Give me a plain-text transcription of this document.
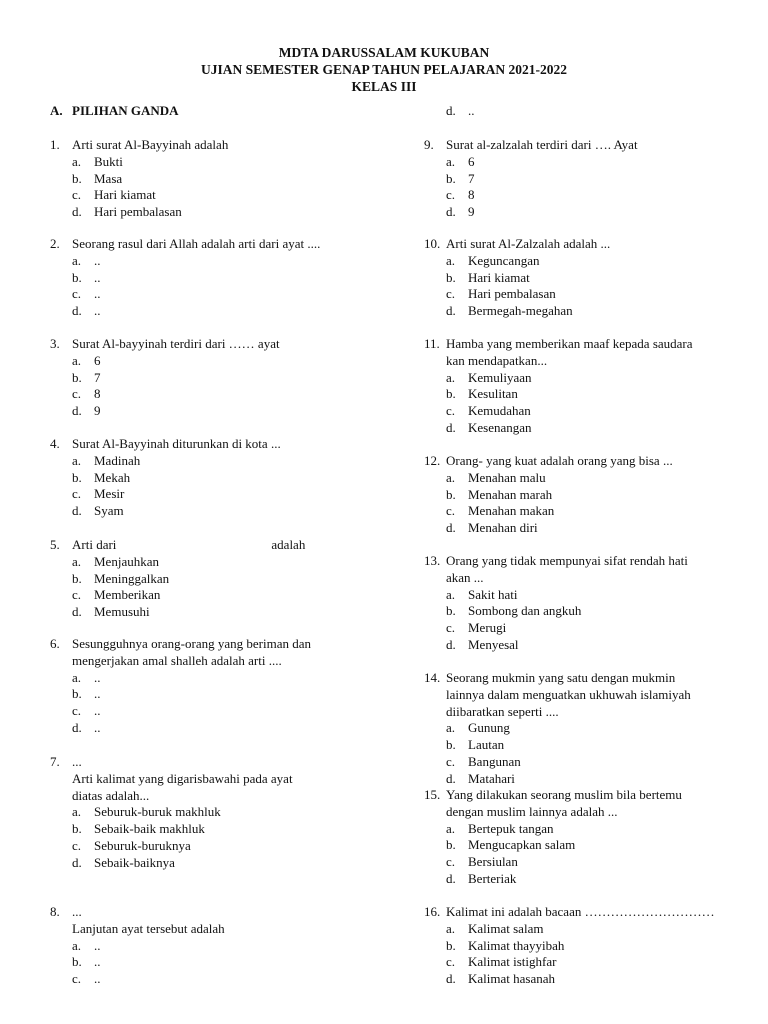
MDTA DARUSSALAM KUKUBAN
UJIAN SEMESTER GENAP TAHUN PELAJARAN 2021-2022
KELAS III
A. PILIHAN GANDA
1. Arti surat Al-Bayyinah adalah
a. Bukti
b. Masa
c. Hari kiamat
d. Hari pembalasan
2. Seorang rasul dari Allah adalah arti dari ayat ....
a. ..
b. ..
c. ..
d. ..
3. Surat Al-bayyinah terdiri dari …… ayat
a. 6
b. 7
c. 8
d. 9
4. Surat Al-Bayyinah diturunkan di kota ...
a. Madinah
b. Mekah
c. Mesir
d. Syam
5. Arti dari	adalah
a. Menjauhkan
b. Meninggalkan
c. Memberikan
d. Memusuhi
6. Sesungguhnya orang-orang yang beriman dan
mengerjakan amal shalleh adalah arti ....
a. ..
b. ..
c. ..
d. ..
7. ...
Arti kalimat yang digarisbawahi pada ayat
diatas adalah...
a. Seburuk-buruk makhluk
b. Sebaik-baik makhluk
c. Seburuk-buruknya
d. Sebaik-baiknya
8. ...
Lanjutan ayat tersebut adalah
a. ..
b. ..
c. ..
d. ..
9. Surat al-zalzalah terdiri dari …. Ayat
a. 6
b. 7
c. 8
d. 9
10. Arti surat Al-Zalzalah adalah ...
a. Keguncangan
b. Hari kiamat
c. Hari pembalasan
d. Bermegah-megahan
11. Hamba yang memberikan maaf kepada saudara
kan mendapatkan...
a. Kemuliyaan
b. Kesulitan
c. Kemudahan
d. Kesenangan
12. Orang- yang kuat adalah orang yang bisa ...
a. Menahan malu
b. Menahan marah
c. Menahan makan
d. Menahan diri
13. Orang yang tidak mempunyai sifat rendah hati
akan ...
a. Sakit hati
b. Sombong dan angkuh
c. Merugi
d. Menyesal
14. Seorang mukmin yang satu dengan mukmin
lainnya dalam menguatkan ukhuwah islamiyah
diibaratkan seperti ....
a. Gunung
b. Lautan
c. Bangunan
d. Matahari
15. Yang dilakukan seorang muslim bila bertemu
dengan muslim lainnya adalah ...
a. Bertepuk tangan
b. Mengucapkan salam
c. Bersiulan
d. Berteriak
16. Kalimat ini adalah bacaan …………………………
a. Kalimat salam
b. Kalimat thayyibah
c. Kalimat istighfar
d. Kalimat hasanah
